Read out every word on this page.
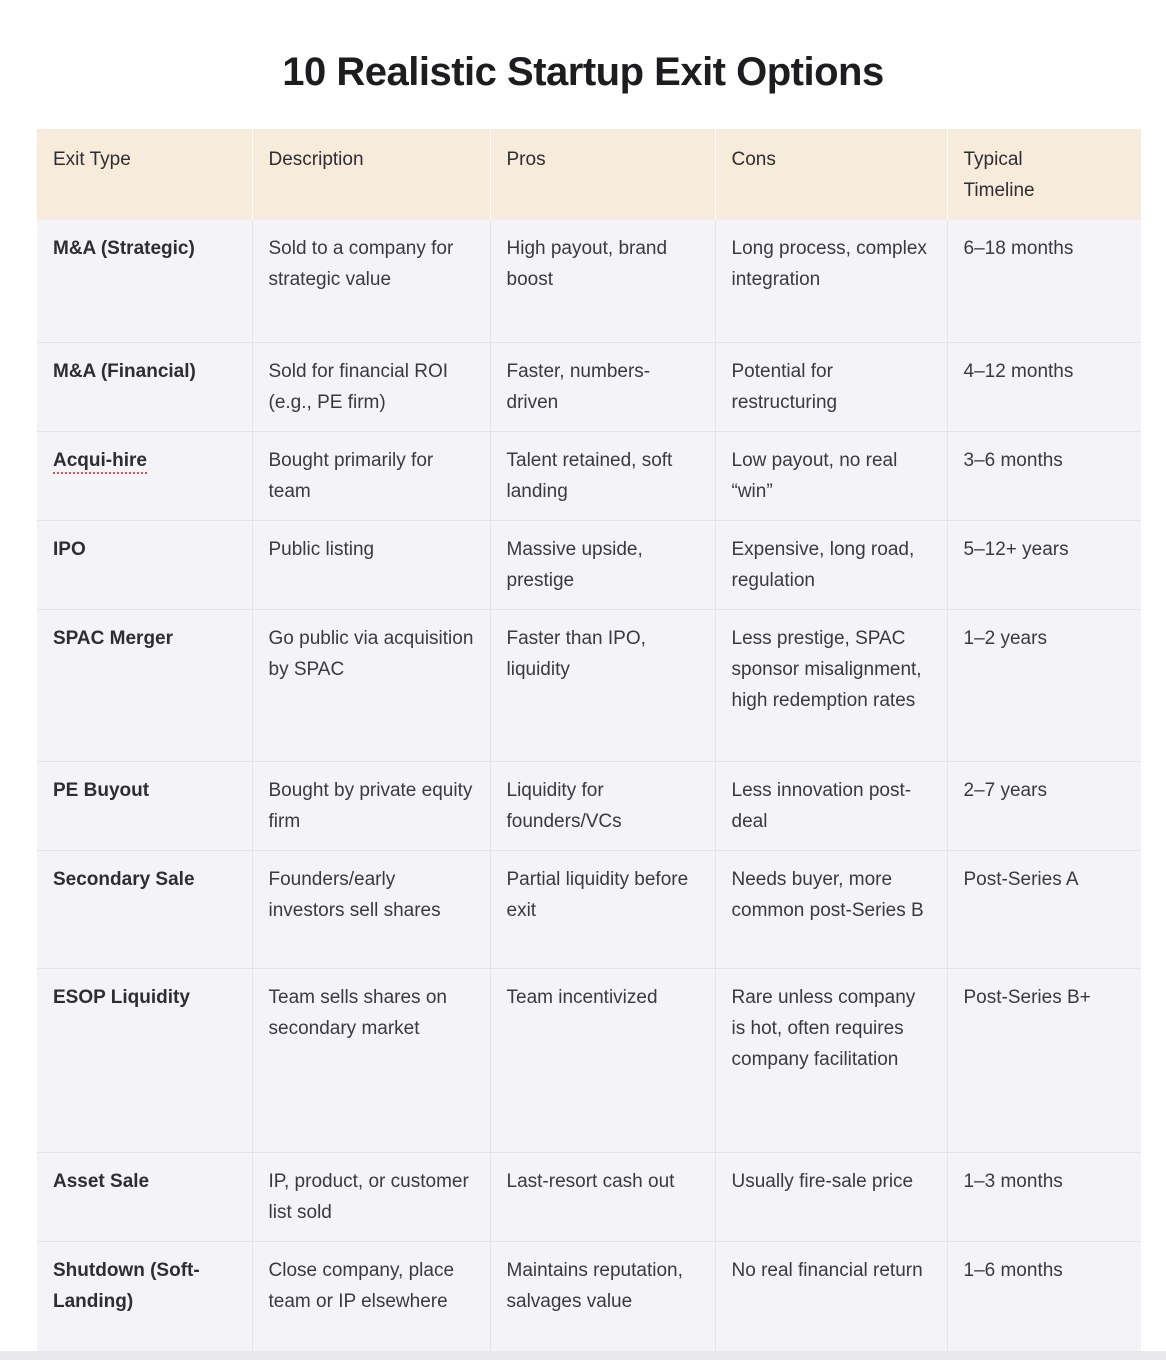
10 Realistic Startup Exit Options
Exit Type	Description	Pros	Cons	Typical Timeline

M&A (Strategic)	Sold to a company for strategic value	High payout, brand boost	Long process, complex integration	6–18 months
M&A (Financial)	Sold for financial ROI (e.g., PE firm)	Faster, numbers-driven	Potential for restructuring	4–12 months
Acqui-hire	Bought primarily for team	Talent retained, soft landing	Low payout, no real “win”	3–6 months
IPO	Public listing	Massive upside, prestige	Expensive, long road, regulation	5–12+ years
SPAC Merger	Go public via acquisition by SPAC	Faster than IPO, liquidity	Less prestige, SPAC sponsor misalignment, high redemption rates	1–2 years
PE Buyout	Bought by private equity firm	Liquidity for founders/VCs	Less innovation post-deal	2–7 years
Secondary Sale	Founders/early investors sell shares	Partial liquidity before exit	Needs buyer, more common post-Series B	Post-Series A
ESOP Liquidity	Team sells shares on secondary market	Team incentivized	Rare unless company is hot, often requires company facilitation	Post-Series B+
Asset Sale	IP, product, or customer list sold	Last-resort cash out	Usually fire-sale price	1–3 months
Shutdown (Soft-Landing)	Close company, place team or IP elsewhere	Maintains reputation, salvages value	No real financial return	1–6 months
